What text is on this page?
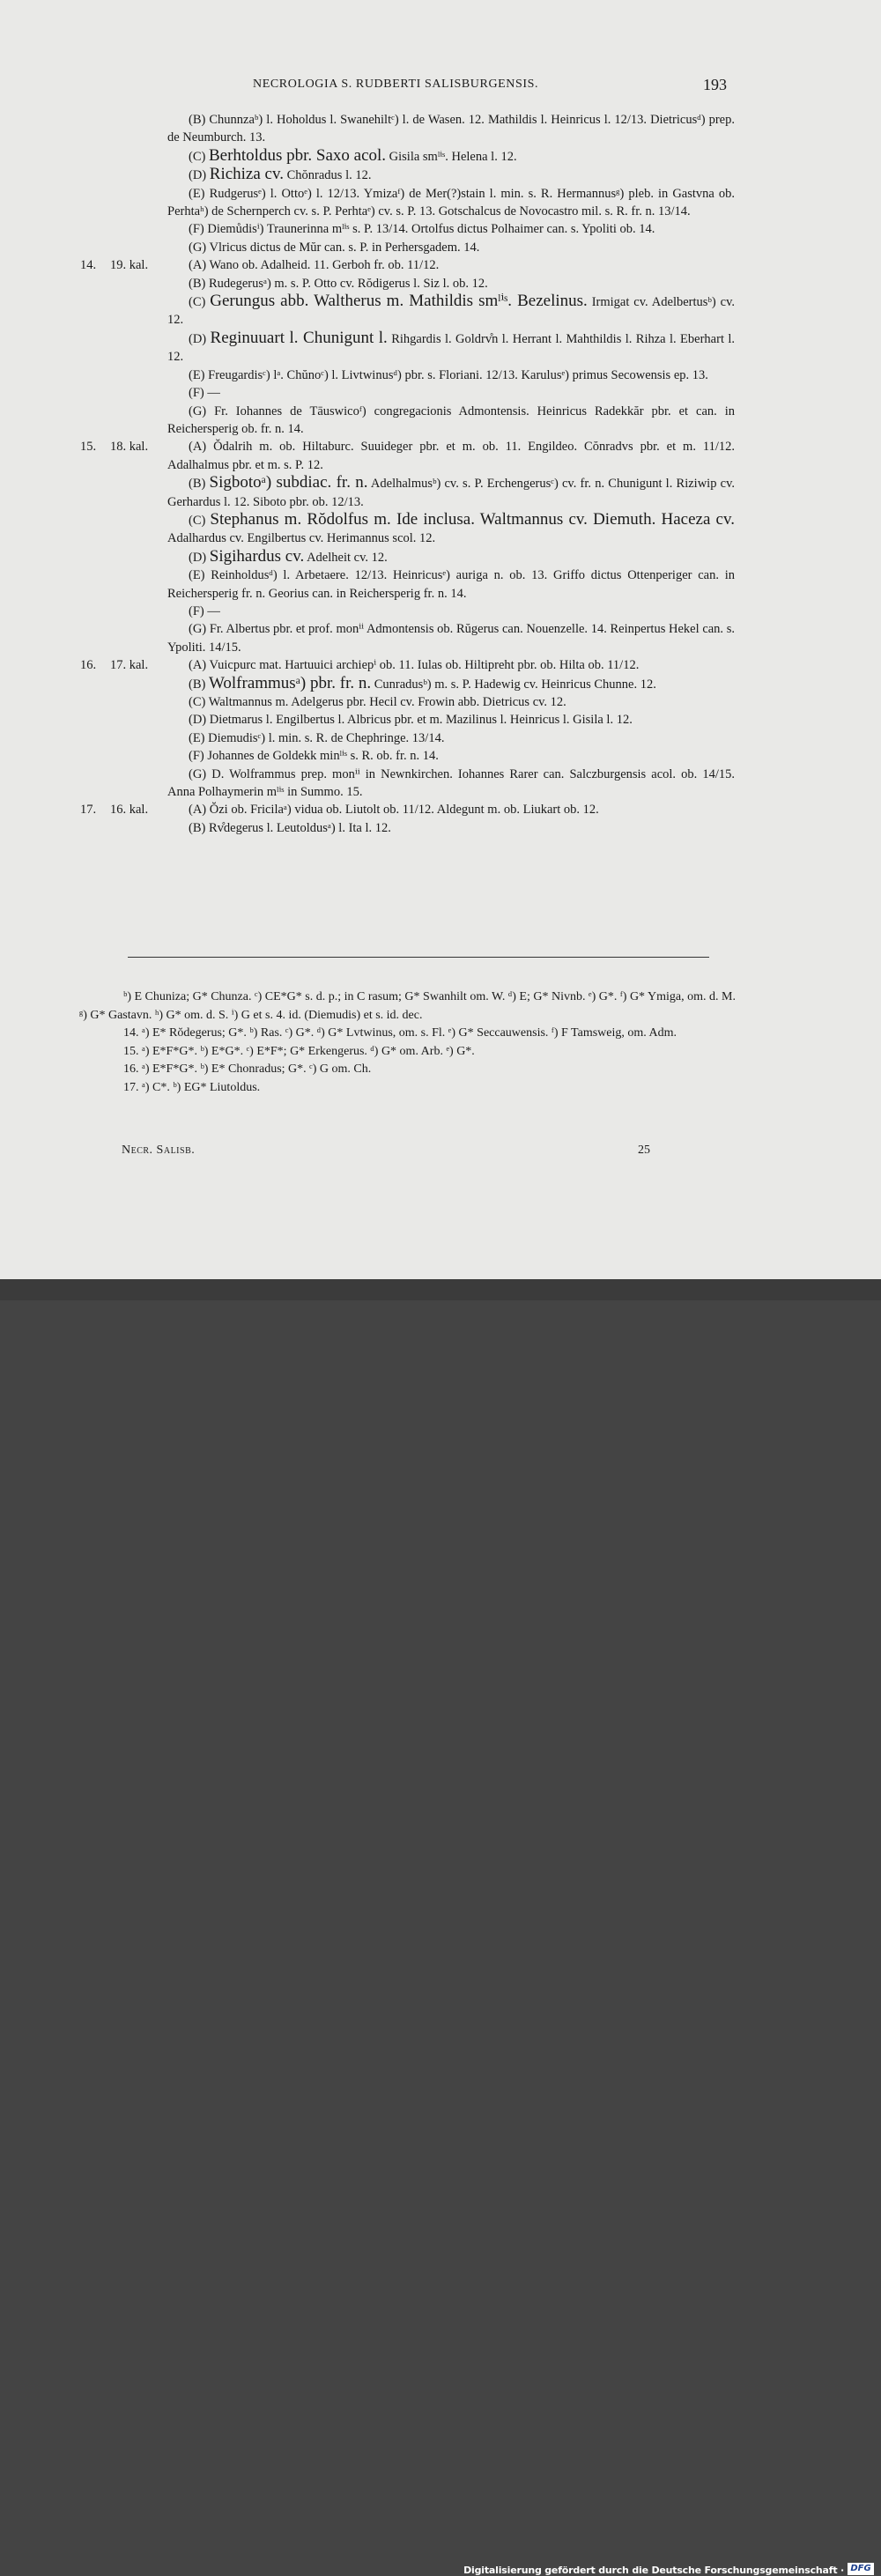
NECROLOGIA S. RUDBERTI SALISBURGENSIS.	193
(B) Chunnzaᵇ) l. Hoholdus l. Swanehiltᶜ) l. de Wasen. 12. Mathildis l. Heinricus l. 12/13. Dietricusᵈ) prep. de Neumburch. 13.
(C) Berhtoldus pbr. Saxo acol. Gisila smˡⁱˢ. Helena l. 12.
(D) Richiza cv. Chŏnradus l. 12.
(E) Rudgerusᵉ) l. Ottoᵉ) l. 12/13. Ymizaᶠ) de Mer(?)stain l. min. s. R. Hermannusᵍ) pleb. in Gastvna ob. Perhtaʰ) de Schernperch cv. s. P. Perhtaᵉ) cv. s. P. 13. Gotschalcus de Novocastro mil. s. R. fr. n. 13/14.
(F) Diemůdisⁱ) Traunerinna mˡⁱˢ s. P. 13/14. Ortolfus dictus Polhaimer can. s. Ypoliti ob. 14.
(G) Vlricus dictus de Mŭr can. s. P. in Perhersgadem. 14.
14. 19. kal.	(A) Wano ob. Adalheid. 11. Gerboh fr. ob. 11/12.
(B) Rudegerusᵃ) m. s. P. Otto cv. Rŏdigerus l. Siz l. ob. 12.
(C) Gerungus abb. Waltherus m. Mathildis smˡⁱˢ. Bezelinus. Irmigat cv. Adelbertusᵇ) cv. 12.
(D) Reginuuart l. Chunigunt l. Rihgardis l. Goldrv̊n l. Herrant l. Mahthildis l. Rihza l. Eberhart l. 12.
(E) Freugardisᶜ) lᵃ. Chŭnoᶜ) l. Livtwinusᵈ) pbr. s. Floriani. 12/13. Karulusᵉ) primus Secowensis ep. 13.
(F) —
(G) Fr. Iohannes de Tāuswicoᶠ) congregacionis Admontensis. Heinricus Radekkăr pbr. et can. in Reichersperig ob. fr. n. 14.
15. 18. kal.	(A) Ŏdalrih m. ob. Hiltaburc. Suuideger pbr. et m. ob. 11. Engildeo. Cŏnradvs pbr. et m. 11/12. Adalhalmus pbr. et m. s. P. 12.
(B) Sigbotoᵃ) subdiac. fr. n. Adelhalmusᵇ) cv. s. P. Erchengerusᶜ) cv. fr. n. Chunigunt l. Riziwip cv. Gerhardus l. 12. Siboto pbr. ob. 12/13.
(C) Stephanus m. Rŏdolfus m. Ide inclusa. Waltmannus cv. Diemuth. Haceza cv. Adalhardus cv. Engilbertus cv. Herimannus scol. 12.
(D) Sigihardus cv. Adelheit cv. 12.
(E) Reinholdusᵈ) l. Arbetaere. 12/13. Heinricusᵉ) auriga n. ob. 13. Griffo dictus Ottenperiger can. in Reichersperig fr. n. Georius can. in Reichersperig fr. n. 14.
(F) —
(G) Fr. Albertus pbr. et prof. monⁱⁱ Admontensis ob. Rŭgerus can. Nouenzelle. 14. Reinpertus Hekel can. s. Ypoliti. 14/15.
16. 17. kal.	(A) Vuicpurc mat. Hartuuici archiepⁱ ob. 11. Iulas ob. Hiltipreht pbr. ob. Hilta ob. 11/12.
(B) Wolframmusᵃ) pbr. fr. n. Cunradusᵇ) m. s. P. Hadewig cv. Heinricus Chunne. 12.
(C) Waltmannus m. Adelgerus pbr. Hecil cv. Frowin abb. Dietricus cv. 12.
(D) Dietmarus l. Engilbertus l. Albricus pbr. et m. Mazilinus l. Heinricus l. Gisila l. 12.
(E) Diemudisᶜ) l. min. s. R. de Chephringe. 13/14.
(F) Johannes de Goldekk minˡⁱˢ s. R. ob. fr. n. 14.
(G) D. Wolframmus prep. monⁱⁱ in Newnkirchen. Iohannes Rarer can. Salczburgensis acol. ob. 14/15. Anna Polhaymerin mˡⁱˢ in Summo. 15.
17. 16. kal.	(A) Ŏzi ob. Fricilaᵃ) vidua ob. Liutolt ob. 11/12. Aldegunt m. ob. Liukart ob. 12.
(B) Rv̊degerus l. Leutoldusᵃ) l. Ita l. 12.
ᵇ) E Chuniza; G* Chunza. ᶜ) CE*G* s. d. p.; in C rasum; G* Swanhilt om. W. ᵈ) E; G* Nivnb. ᵉ) G*. ᶠ) G* Ymiga, om. d. M. ᵍ) G* Gastavn. ʰ) G* om. d. S. ⁱ) G et s. 4. id. (Diemudis) et s. id. dec.
14. ᵃ) E* Rŏdegerus; G*. ᵇ) Ras. ᶜ) G*. ᵈ) G* Lvtwinus, om. s. Fl. ᵉ) G* Seccauwensis. ᶠ) F Tamsweig, om. Adm.
15. ᵃ) E*F*G*. ᵇ) E*G*. ᶜ) E*F*; G* Erkengerus. ᵈ) G* om. Arb. ᵉ) G*.
16. ᵃ) E*F*G*. ᵇ) E* Chonradus; G*. ᶜ) G om. Ch.
17. ᵃ) C*. ᵇ) EG* Liutoldus.
Necr. Salisb.	25
Digitalisierung gefördert durch die Deutsche Forschungsgemeinschaft · DFG
